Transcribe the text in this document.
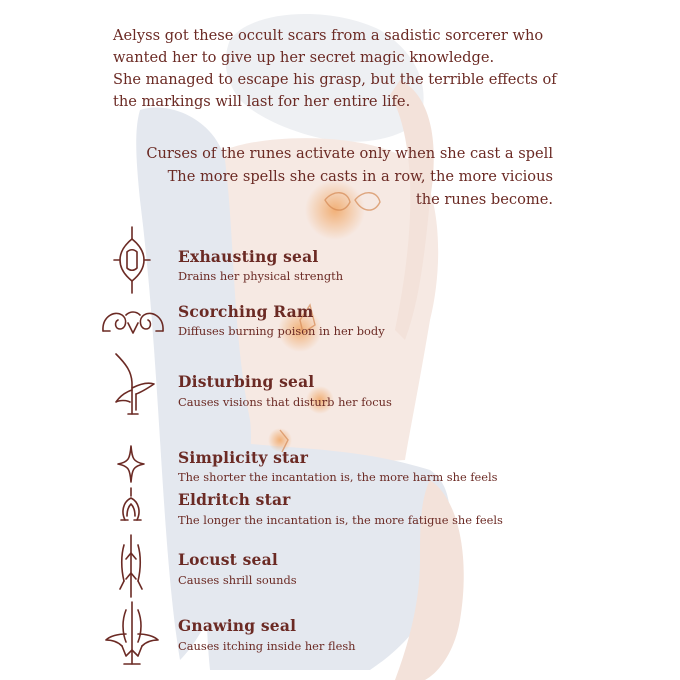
Aelyss got these occult scars from a sadistic sorcerer who
wanted her to give up her secret magic knowledge.
She managed to escape his grasp, but the terrible effects of
the markings will last for her entire life.
Curses of the runes activate only when she cast a spell
The more spells she casts in a row, the more vicious
the runes become.
Exhausting seal
Drains her physical strength
Scorching Ram
Diffuses burning poison in her body
Disturbing seal
Causes visions that disturb her focus
Simplicity star
The shorter the incantation is, the more harm she feels
Eldritch star
The longer the incantation is, the more fatigue she feels
Locust seal
Causes shrill sounds
Gnawing seal
Causes itching inside her flesh
